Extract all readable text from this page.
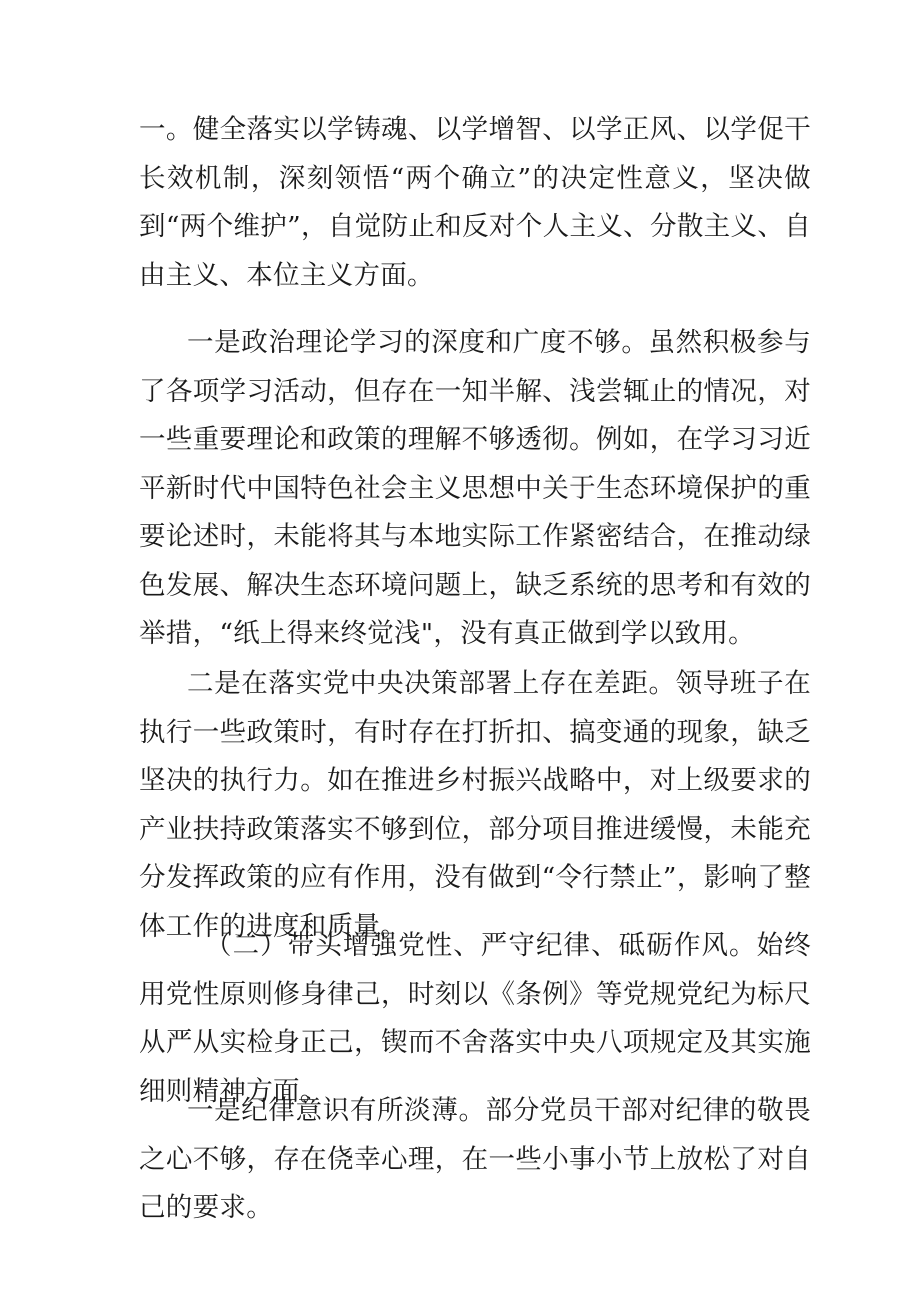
一。健全落实以学铸魂、以学增智、以学正风、以学促干长效机制，深刻领悟“两个确立”的决定性意义，坚决做到“两个维护”，自觉防止和反对个人主义、分散主义、自由主义、本位主义方面。

一是政治理论学习的深度和广度不够。虽然积极参与了各项学习活动，但存在一知半解、浅尝辄止的情况，对一些重要理论和政策的理解不够透彻。例如，在学习习近平新时代中国特色社会主义思想中关于生态环境保护的重要论述时，未能将其与本地实际工作紧密结合，在推动绿色发展、解决生态环境问题上，缺乏系统的思考和有效的举措，“纸上得来终觉浅"，没有真正做到学以致用。

二是在落实党中央决策部署上存在差距。领导班子在执行一些政策时，有时存在打折扣、搞变通的现象，缺乏坚决的执行力。如在推进乡村振兴战略中，对上级要求的产业扶持政策落实不够到位，部分项目推进缓慢，未能充分发挥政策的应有作用，没有做到“令行禁止”，影响了整体工作的进度和质量。

（二）带头增强党性、严守纪律、砥砺作风。始终用党性原则修身律己，时刻以《条例》等党规党纪为标尺从严从实检身正己，锲而不舍落实中央八项规定及其实施细则精神方面。

一是纪律意识有所淡薄。部分党员干部对纪律的敬畏之心不够，存在侥幸心理，在一些小事小节上放松了对自己的要求。
